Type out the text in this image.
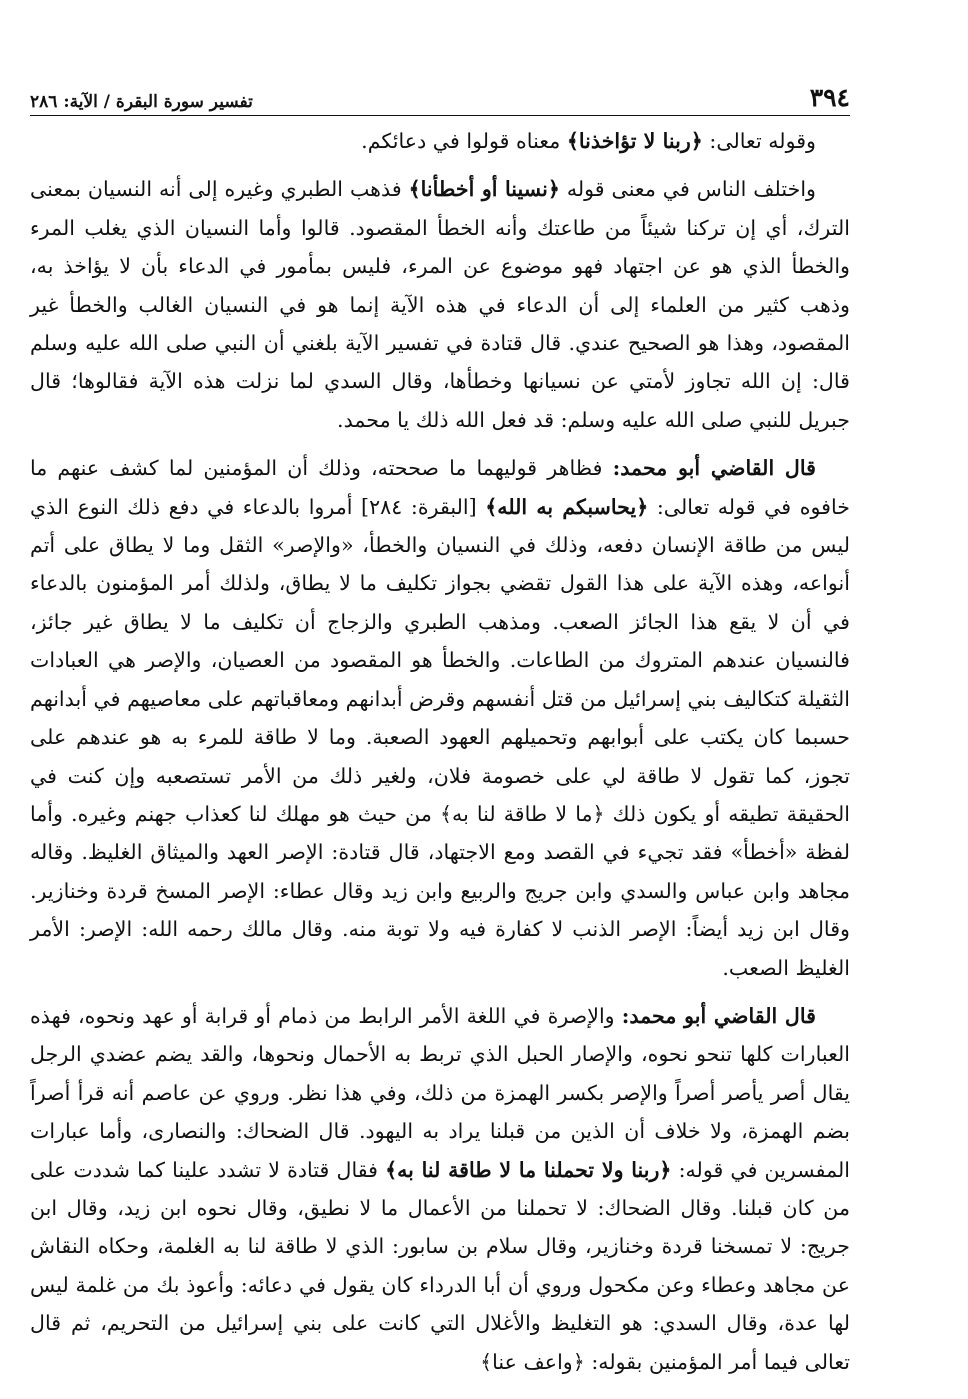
٣٩٤
تفسير سورة البقرة / الآية: ٢٨٦

وقوله تعالى: ﴿ربنا لا تؤاخذنا﴾ معناه قولوا في دعائكم.

واختلف الناس في معنى قوله ﴿نسينا أو أخطأنا﴾ فذهب الطبري وغيره إلى أنه النسيان بمعنى الترك، أي إن تركنا شيئاً من طاعتك وأنه الخطأ المقصود. قالوا وأما النسيان الذي يغلب المرء والخطأ الذي هو عن اجتهاد فهو موضوع عن المرء، فليس بمأمور في الدعاء بأن لا يؤاخذ به، وذهب كثير من العلماء إلى أن الدعاء في هذه الآية إنما هو في النسيان الغالب والخطأ غير المقصود، وهذا هو الصحيح عندي. قال قتادة في تفسير الآية بلغني أن النبي صلى الله عليه وسلم قال: إن الله تجاوز لأمتي عن نسيانها وخطأها، وقال السدي لما نزلت هذه الآية فقالوها؛ قال جبريل للنبي صلى الله عليه وسلم: قد فعل الله ذلك يا محمد.

قال القاضي أبو محمد: فظاهر قوليهما ما صححته، وذلك أن المؤمنين لما كشف عنهم ما خافوه في قوله تعالى: ﴿يحاسبكم به الله﴾ [البقرة: ٢٨٤] أمروا بالدعاء في دفع ذلك النوع الذي ليس من طاقة الإنسان دفعه، وذلك في النسيان والخطأ، «والإصر» الثقل وما لا يطاق على أتم أنواعه، وهذه الآية على هذا القول تقضي بجواز تكليف ما لا يطاق، ولذلك أمر المؤمنون بالدعاء في أن لا يقع هذا الجائز الصعب. ومذهب الطبري والزجاج أن تكليف ما لا يطاق غير جائز، فالنسيان عندهم المتروك من الطاعات. والخطأ هو المقصود من العصيان، والإصر هي العبادات الثقيلة كتكاليف بني إسرائيل من قتل أنفسهم وقرض أبدانهم ومعاقباتهم على معاصيهم في أبدانهم حسبما كان يكتب على أبوابهم وتحميلهم العهود الصعبة. وما لا طاقة للمرء به هو عندهم على تجوز، كما تقول لا طاقة لي على خصومة فلان، ولغير ذلك من الأمر تستصعبه وإن كنت في الحقيقة تطيقه أو يكون ذلك ﴿ما لا طاقة لنا به﴾ من حيث هو مهلك لنا كعذاب جهنم وغيره. وأما لفظة «أخطأ» فقد تجيء في القصد ومع الاجتهاد، قال قتادة: الإصر العهد والميثاق الغليظ. وقاله مجاهد وابن عباس والسدي وابن جريج والربيع وابن زيد وقال عطاء: الإصر المسخ قردة وخنازير. وقال ابن زيد أيضاً: الإصر الذنب لا كفارة فيه ولا توبة منه. وقال مالك رحمه الله: الإصر: الأمر الغليظ الصعب.

قال القاضي أبو محمد: والإصرة في اللغة الأمر الرابط من ذمام أو قرابة أو عهد ونحوه، فهذه العبارات كلها تنحو نحوه، والإصار الحبل الذي تربط به الأحمال ونحوها، والقد يضم عضدي الرجل يقال أصر يأصر أصراً والإصر بكسر الهمزة من ذلك، وفي هذا نظر. وروي عن عاصم أنه قرأ أصراً بضم الهمزة، ولا خلاف أن الذين من قبلنا يراد به اليهود. قال الضحاك: والنصارى، وأما عبارات المفسرين في قوله: ﴿ربنا ولا تحملنا ما لا طاقة لنا به﴾ فقال قتادة لا تشدد علينا كما شددت على من كان قبلنا. وقال الضحاك: لا تحملنا من الأعمال ما لا نطيق، وقال نحوه ابن زيد، وقال ابن جريج: لا تمسخنا قردة وخنازير، وقال سلام بن سابور: الذي لا طاقة لنا به الغلمة، وحكاه النقاش عن مجاهد وعطاء وعن مكحول وروي أن أبا الدرداء كان يقول في دعائه: وأعوذ بك من غلمة ليس لها عدة، وقال السدي: هو التغليظ والأغلال التي كانت على بني إسرائيل من التحريم، ثم قال تعالى فيما أمر المؤمنين بقوله: ﴿واعف عنا﴾
